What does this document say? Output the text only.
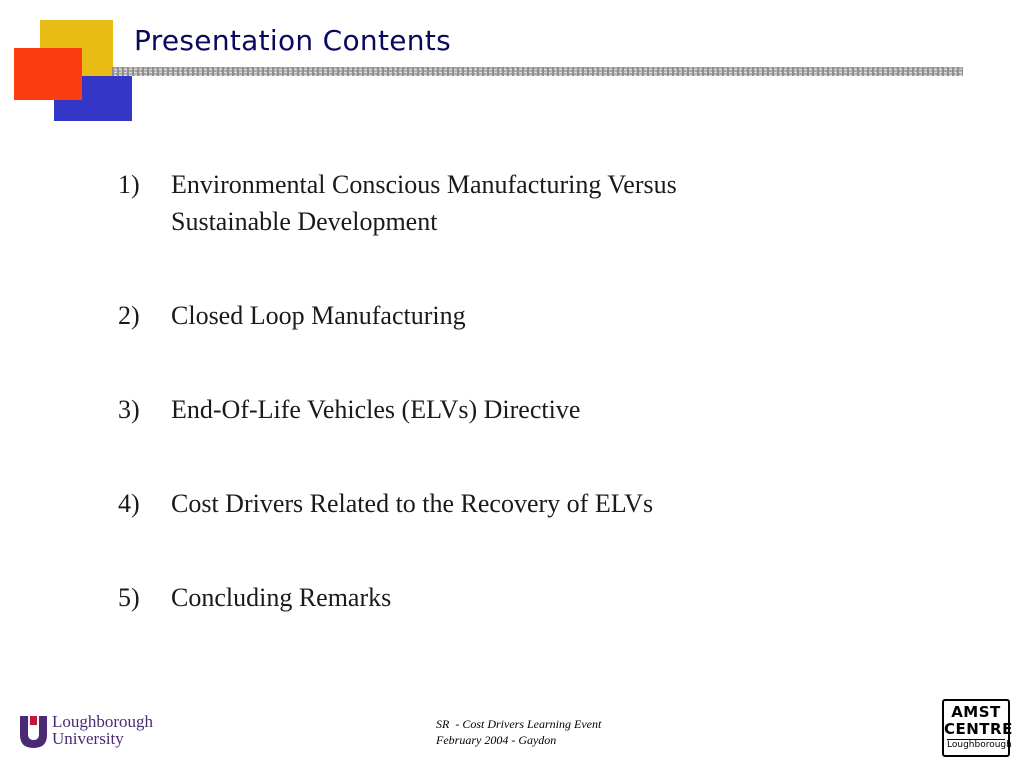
Presentation Contents
1)	Environmental Conscious Manufacturing Versus
Sustainable Development
2)	Closed Loop Manufacturing
3)	End-Of-Life Vehicles (ELVs) Directive
4)	Cost Drivers Related to the Recovery of ELVs
5)	Concluding Remarks
Loughborough
University
SR  - Cost Drivers Learning Event
February 2004 - Gaydon
AMST
CENTRE
Loughborough
